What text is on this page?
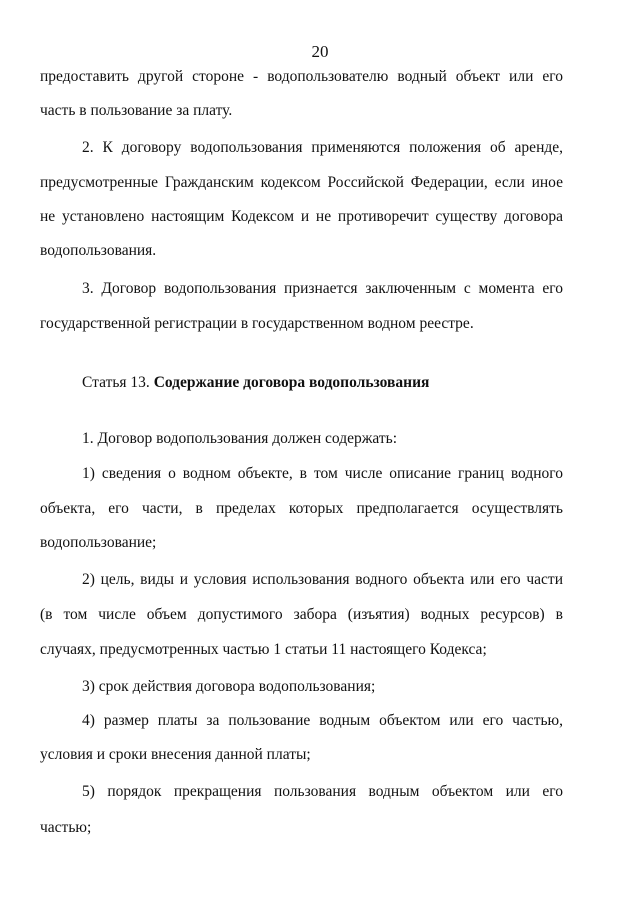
20
предоставить другой стороне - водопользователю водный объект или его
часть в пользование за плату.
2. К договору водопользования применяются положения об аренде,
предусмотренные Гражданским кодексом Российской Федерации, если иное
не установлено настоящим Кодексом и не противоречит существу договора
водопользования.
3. Договор водопользования признается заключенным с момента его
государственной регистрации в государственном водном реестре.
Статья 13. Содержание договора водопользования
1. Договор водопользования должен содержать:
1) сведения о водном объекте, в том числе описание границ водного
объекта, его части, в пределах которых предполагается осуществлять
водопользование;
2) цель, виды и условия использования водного объекта или его части
(в том числе объем допустимого забора (изъятия) водных ресурсов) в
случаях, предусмотренных частью 1 статьи 11 настоящего Кодекса;
3) срок действия договора водопользования;
4) размер платы за пользование водным объектом или его частью,
условия и сроки внесения данной платы;
5) порядок прекращения пользования водным объектом или его
частью;
